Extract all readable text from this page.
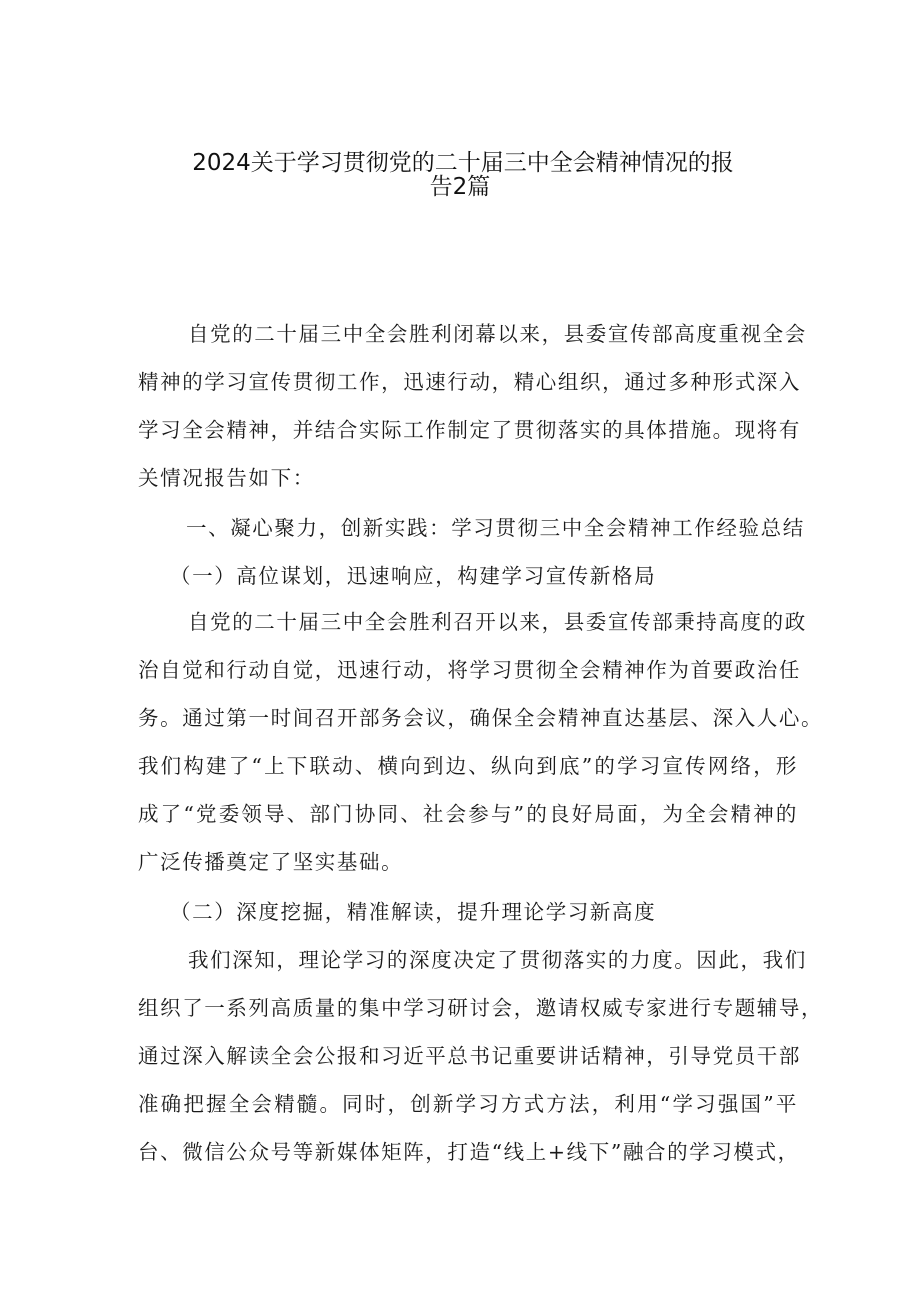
2024关于学习贯彻党的二十届三中全会精神情况的报
告2篇
自党的二十届三中全会胜利闭幕以来，县委宣传部高度重视全会
精神的学习宣传贯彻工作，迅速行动，精心组织，通过多种形式深入
学习全会精神，并结合实际工作制定了贯彻落实的具体措施。现将有
关情况报告如下：
一、凝心聚力，创新实践：学习贯彻三中全会精神工作经验总结
（一）高位谋划，迅速响应，构建学习宣传新格局
自党的二十届三中全会胜利召开以来，县委宣传部秉持高度的政
治自觉和行动自觉，迅速行动，将学习贯彻全会精神作为首要政治任
务。通过第一时间召开部务会议，确保全会精神直达基层、深入人心。
我们构建了“上下联动、横向到边、纵向到底”的学习宣传网络，形
成了“党委领导、部门协同、社会参与”的良好局面，为全会精神的
广泛传播奠定了坚实基础。
（二）深度挖掘，精准解读，提升理论学习新高度
我们深知，理论学习的深度决定了贯彻落实的力度。因此，我们
组织了一系列高质量的集中学习研讨会，邀请权威专家进行专题辅导，
通过深入解读全会公报和习近平总书记重要讲话精神，引导党员干部
准确把握全会精髓。同时，创新学习方式方法，利用“学习强国”平
台、微信公众号等新媒体矩阵，打造“线上+线下”融合的学习模式，
